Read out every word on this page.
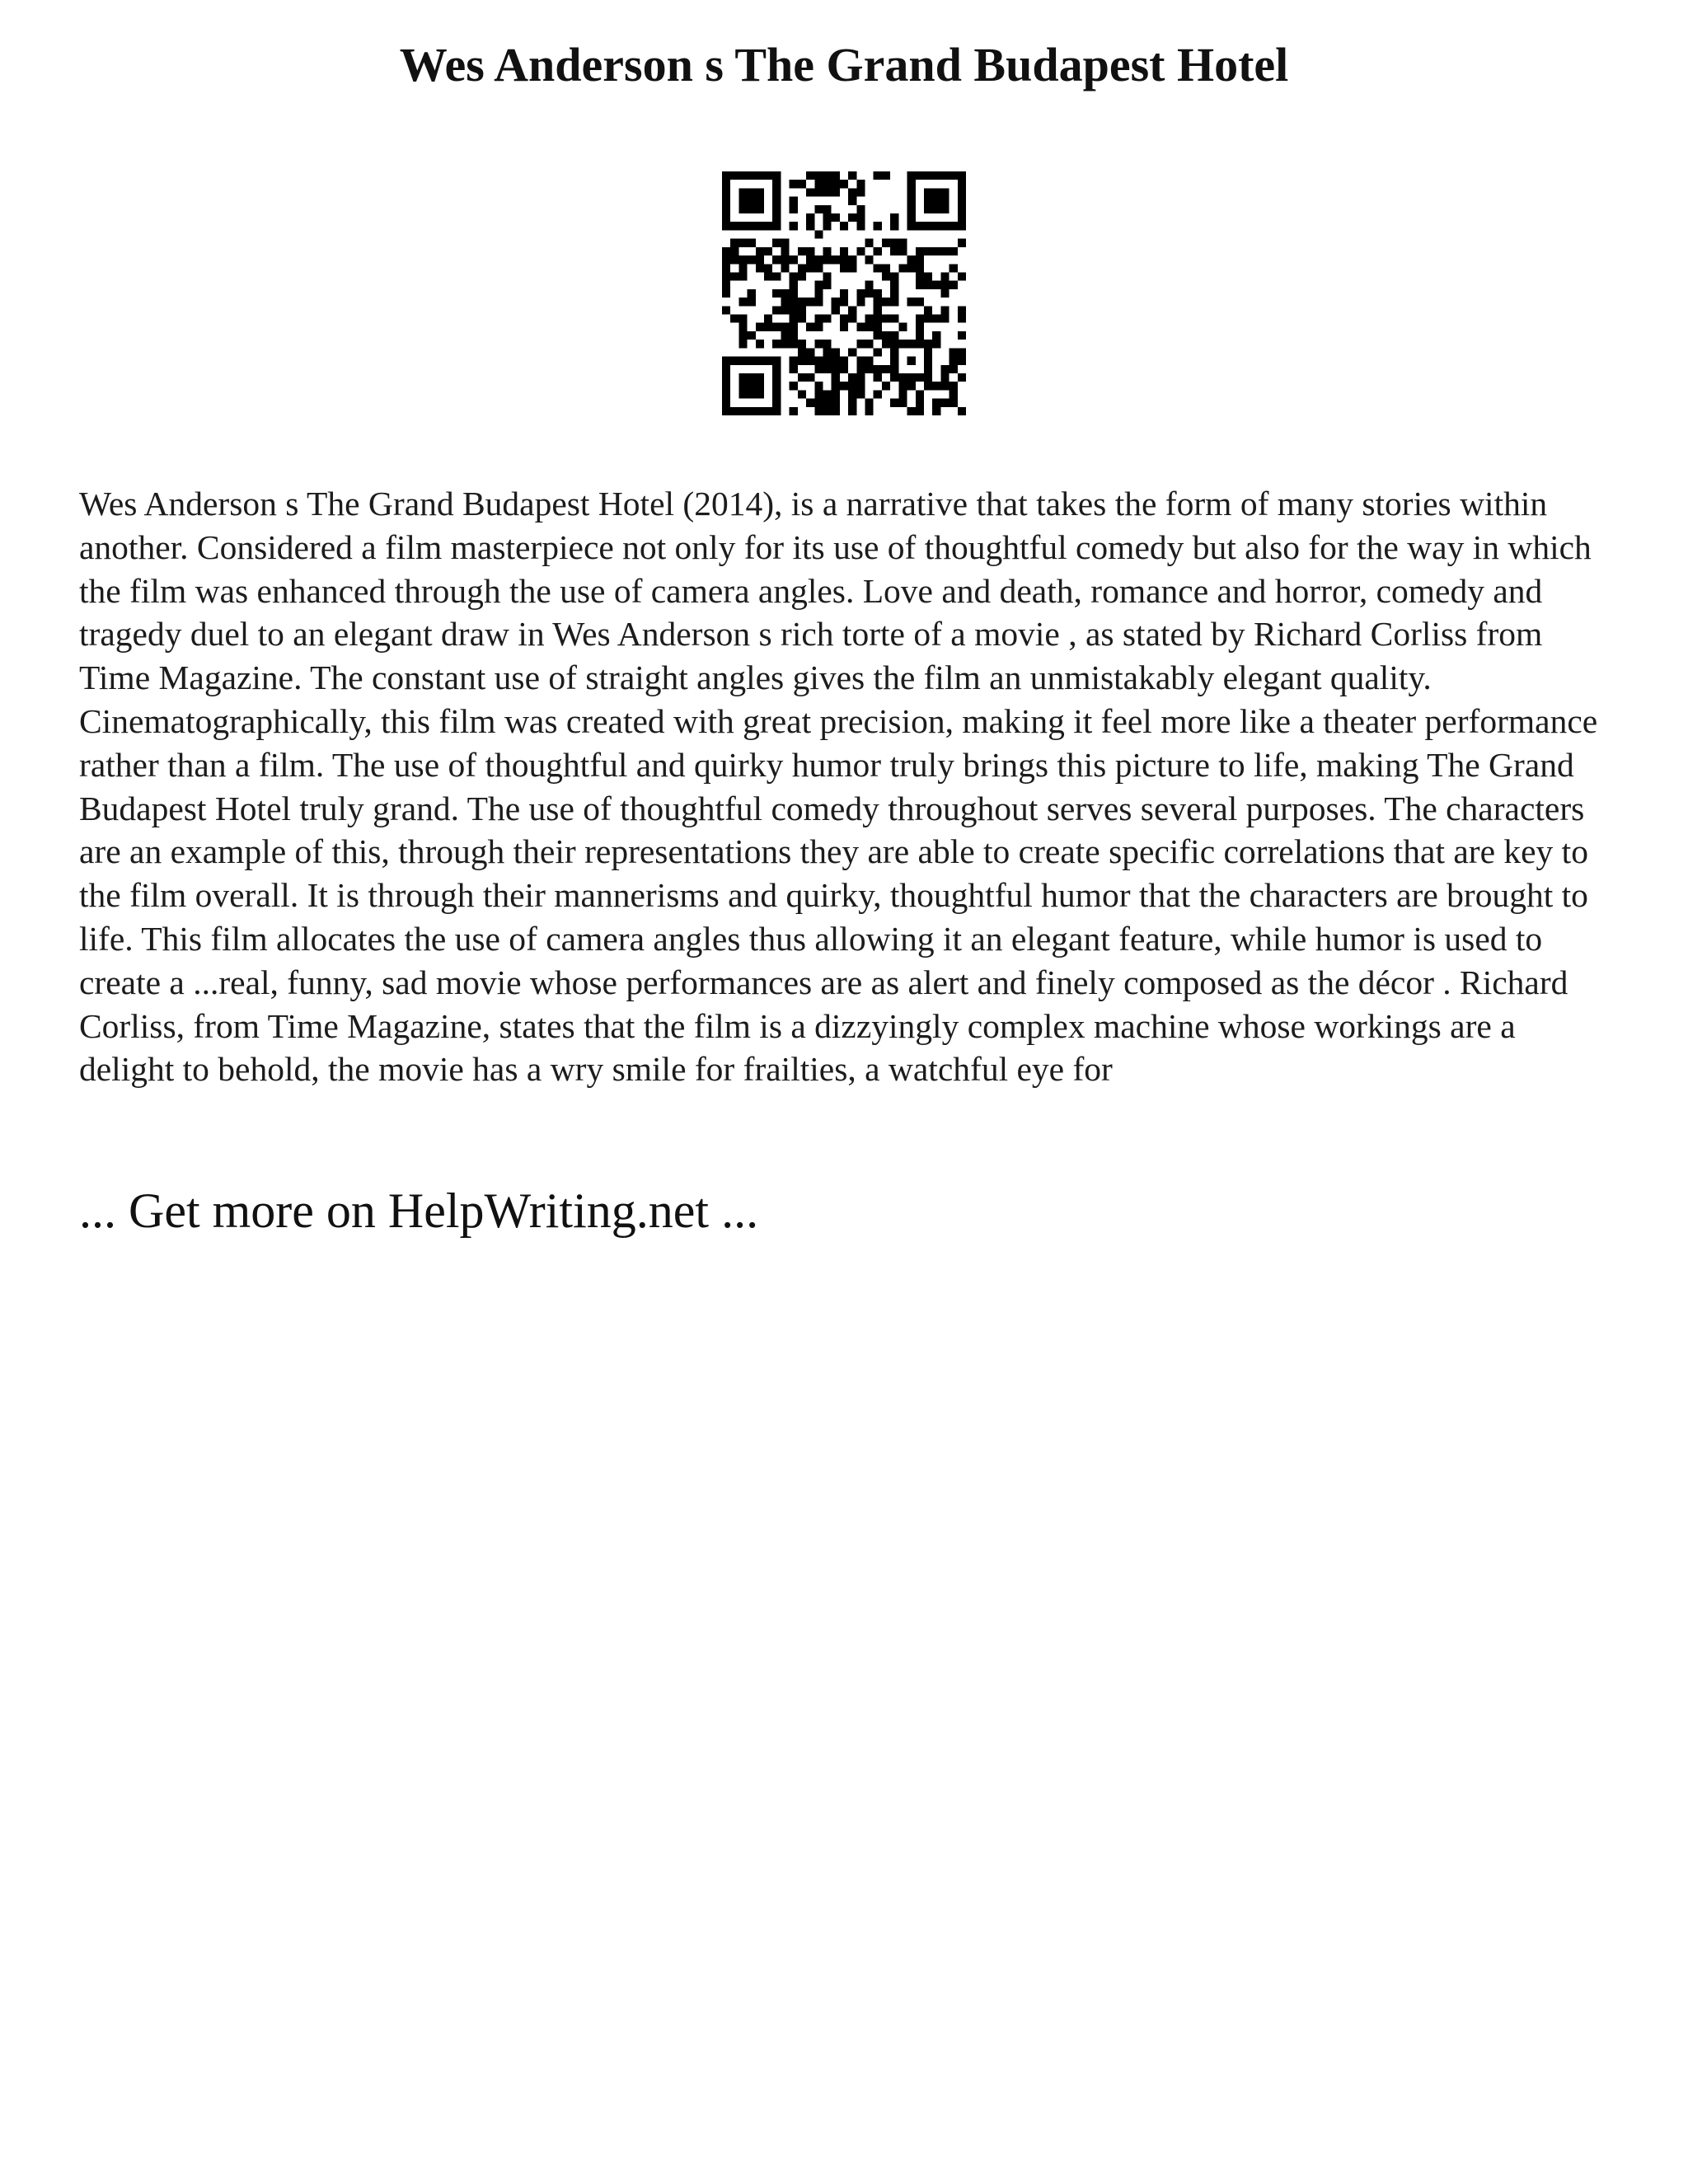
Wes Anderson s The Grand Budapest Hotel

Wes Anderson s The Grand Budapest Hotel (2014), is a narrative that takes the form of many stories within another. Considered a film masterpiece not only for its use of thoughtful comedy but also for the way in which the film was enhanced through the use of camera angles. Love and death, romance and horror, comedy and tragedy duel to an elegant draw in Wes Anderson s rich torte of a movie , as stated by Richard Corliss from Time Magazine. The constant use of straight angles gives the film an unmistakably elegant quality. Cinematographically, this film was created with great precision, making it feel more like a theater performance rather than a film. The use of thoughtful and quirky humor truly brings this picture to life, making The Grand Budapest Hotel truly grand. The use of thoughtful comedy throughout serves several purposes. The characters are an example of this, through their representations they are able to create specific correlations that are key to the film overall. It is through their mannerisms and quirky, thoughtful humor that the characters are brought to life. This film allocates the use of camera angles thus allowing it an elegant feature, while humor is used to create a ...real, funny, sad movie whose performances are as alert and finely composed as the décor . Richard Corliss, from Time Magazine, states that the film is a dizzyingly complex machine whose workings are a delight to behold, the movie has a wry smile for frailties, a watchful eye for

... Get more on HelpWriting.net ...
